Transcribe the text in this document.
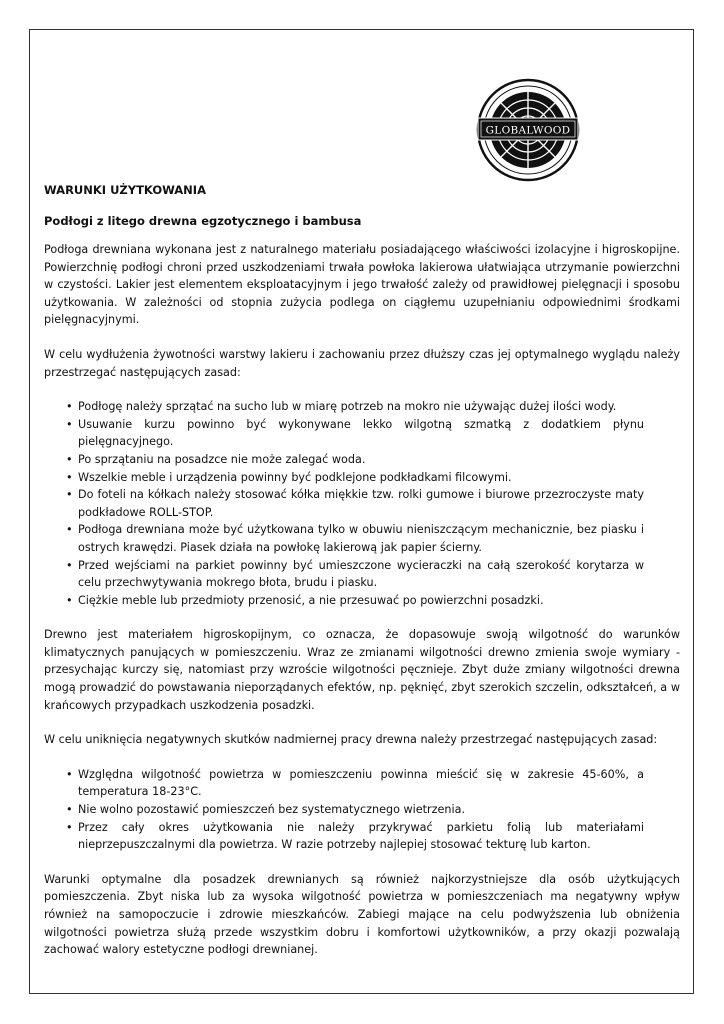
GLOBALWOOD
WARUNKI UŻYTKOWANIA
Podłogi z litego drewna egzotycznego i bambusa

Podłoga drewniana wykonana jest z naturalnego materiału posiadającego właściwości izolacyjne i higroskopijne. Powierzchnię podłogi chroni przed uszkodzeniami trwała powłoka lakierowa ułatwiająca utrzymanie powierzchni w czystości. Lakier jest elementem eksploatacyjnym i jego trwałość zależy od prawidłowej pielęgnacji i sposobu użytkowania. W zależności od stopnia zużycia podlega on ciągłemu uzupełnianiu odpowiednimi środkami pielęgnacyjnymi.

W celu wydłużenia żywotności warstwy lakieru i zachowaniu przez dłuższy czas jej optymalnego wyglądu należy przestrzegać następujących zasad:

• Podłogę należy sprzątać na sucho lub w miarę potrzeb na mokro nie używając dużej ilości wody.
• Usuwanie kurzu powinno być wykonywane lekko wilgotną szmatką z dodatkiem płynu pielęgnacyjnego.
• Po sprzątaniu na posadzce nie może zalegać woda.
• Wszelkie meble i urządzenia powinny być podklejone podkładkami filcowymi.
• Do foteli na kółkach należy stosować kółka miękkie tzw. rolki gumowe i biurowe przezroczyste maty podkładowe ROLL-STOP.
• Podłoga drewniana może być użytkowana tylko w obuwiu nieniszczącym mechanicznie, bez piasku i ostrych krawędzi. Piasek działa na powłokę lakierową jak papier ścierny.
• Przed wejściami na parkiet powinny być umieszczone wycieraczki na całą szerokość korytarza w celu przechwytywania mokrego błota, brudu i piasku.
• Ciężkie meble lub przedmioty przenosić, a nie przesuwać po powierzchni posadzki.

Drewno jest materiałem higroskopijnym, co oznacza, że dopasowuje swoją wilgotność do warunków klimatycznych panujących w pomieszczeniu. Wraz ze zmianami wilgotności drewno zmienia swoje wymiary - przesychając kurczy się, natomiast przy wzroście wilgotności pęcznieje. Zbyt duże zmiany wilgotności drewna mogą prowadzić do powstawania nieporządanych efektów, np. pęknięć, zbyt szerokich szczelin, odkształceń, a w krańcowych przypadkach uszkodzenia posadzki.

W celu uniknięcia negatywnych skutków nadmiernej pracy drewna należy przestrzegać następujących zasad:

• Względna wilgotność powietrza w pomieszczeniu powinna mieścić się w zakresie 45-60%, a temperatura 18-23°C.
• Nie wolno pozostawić pomieszczeń bez systematycznego wietrzenia.
• Przez cały okres użytkowania nie należy przykrywać parkietu folią lub materiałami nieprzepuszczalnymi dla powietrza. W razie potrzeby najlepiej stosować tekturę lub karton.

Warunki optymalne dla posadzek drewnianych są również najkorzystniejsze dla osób użytkujących pomieszczenia. Zbyt niska lub za wysoka wilgotność powietrza w pomieszczeniach ma negatywny wpływ również na samopoczucie i zdrowie mieszkańców. Zabiegi mające na celu podwyższenia lub obniżenia wilgotności powietrza służą przede wszystkim dobru i komfortowi użytkowników, a przy okazji pozwalają zachować walory estetyczne podłogi drewnianej.
